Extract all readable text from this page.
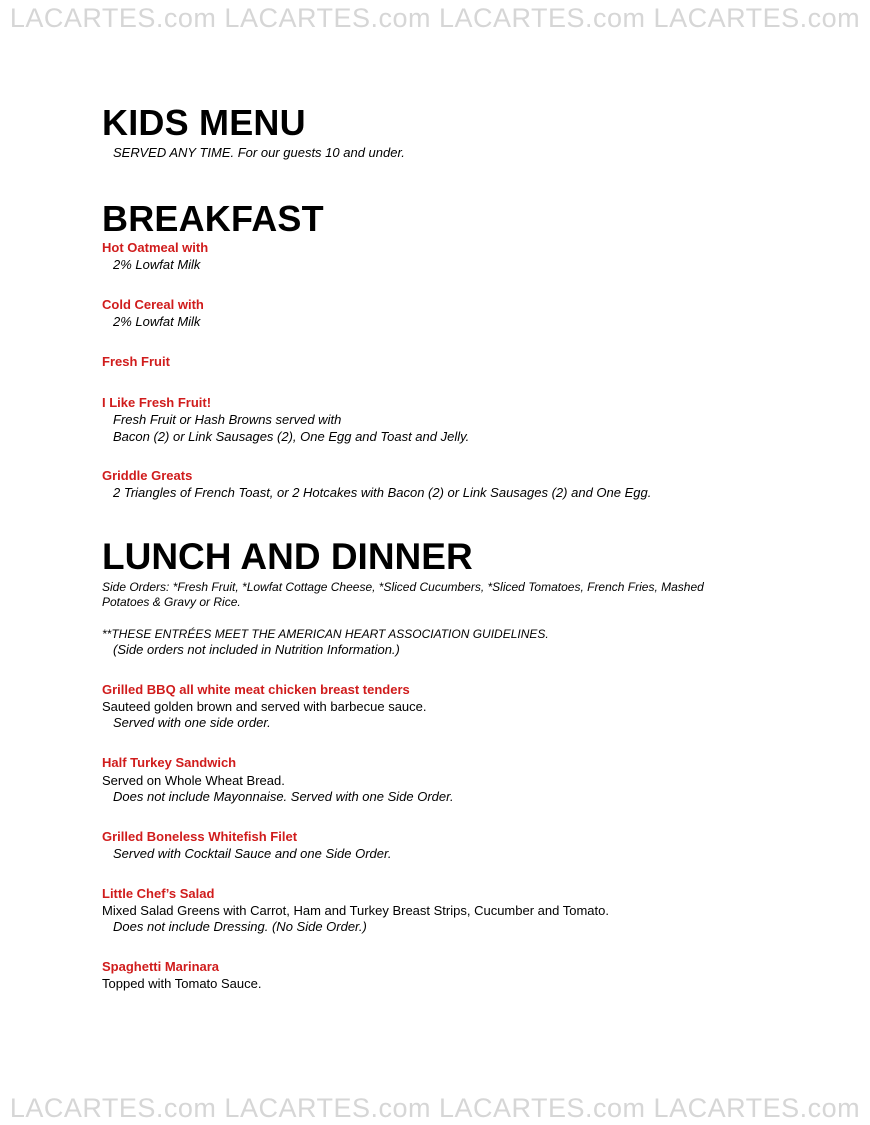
LACARTES.com LACARTES.com LACARTES.com LACARTES.com
KIDS MENU
SERVED ANY TIME. For our guests 10 and under.
BREAKFAST
Hot Oatmeal with
2% Lowfat Milk
Cold Cereal with
2% Lowfat Milk
Fresh Fruit
I Like Fresh Fruit!
Fresh Fruit or Hash Browns served with
Bacon (2) or Link Sausages (2), One Egg and Toast and Jelly.
Griddle Greats
2 Triangles of French Toast, or 2 Hotcakes with Bacon (2) or Link Sausages (2) and One Egg.
LUNCH AND DINNER
Side Orders: *Fresh Fruit, *Lowfat Cottage Cheese, *Sliced Cucumbers, *Sliced Tomatoes, French Fries, Mashed
Potatoes & Gravy or Rice.
**THESE ENTRÉES MEET THE AMERICAN HEART ASSOCIATION GUIDELINES.
(Side orders not included in Nutrition Information.)
Grilled BBQ all white meat chicken breast tenders
Sauteed golden brown and served with barbecue sauce.
Served with one side order.
Half Turkey Sandwich
Served on Whole Wheat Bread.
Does not include Mayonnaise. Served with one Side Order.
Grilled Boneless Whitefish Filet
Served with Cocktail Sauce and one Side Order.
Little Chef’s Salad
Mixed Salad Greens with Carrot, Ham and Turkey Breast Strips, Cucumber and Tomato.
Does not include Dressing. (No Side Order.)
Spaghetti Marinara
Topped with Tomato Sauce.
LACARTES.com LACARTES.com LACARTES.com LACARTES.com
